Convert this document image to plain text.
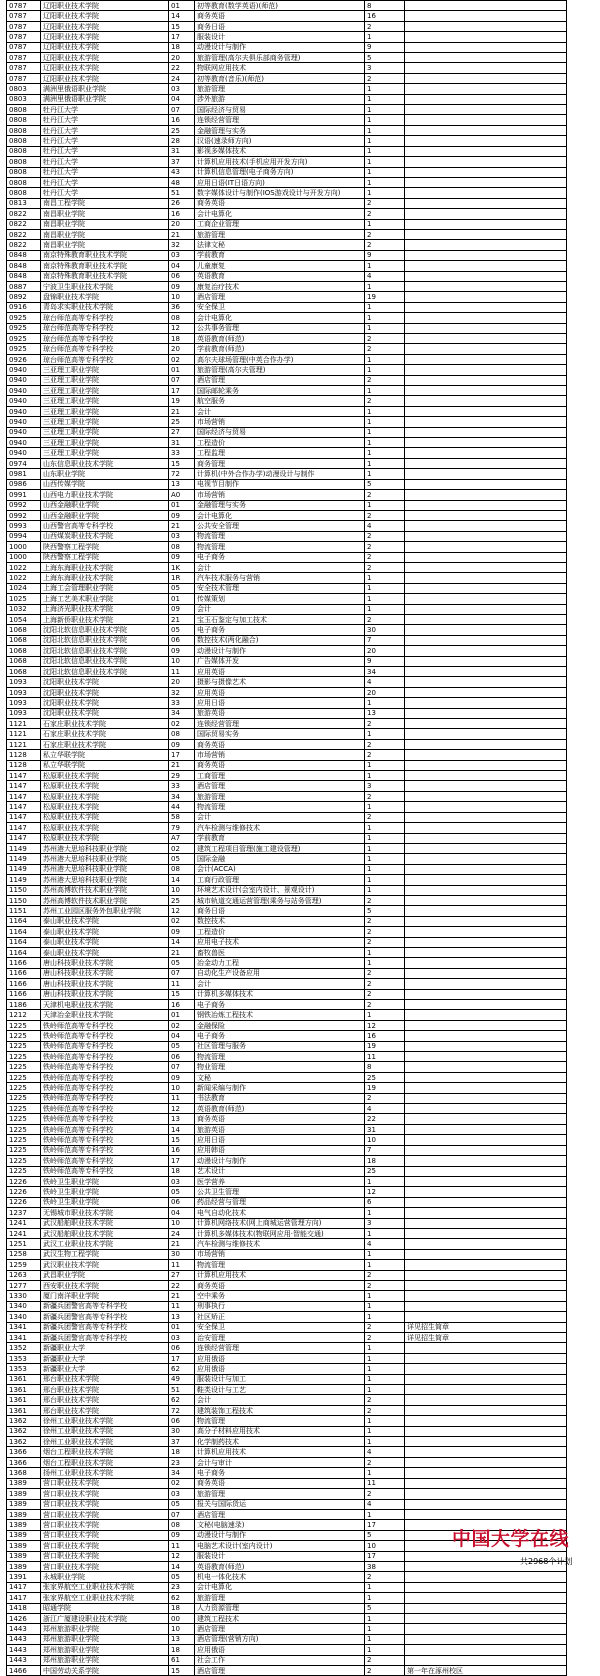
0787	辽阳职业技术学院	01	初等教育(数学英语)(师范)	8	
0787	辽阳职业技术学院	14	商务英语	16	
0787	辽阳职业技术学院	15	商务日语	2	
0787	辽阳职业技术学院	17	服装设计	1	
0787	辽阳职业技术学院	18	动漫设计与制作	9	
0787	辽阳职业技术学院	20	旅游管理(高尔夫俱乐部商务管理)	5	
0787	辽阳职业技术学院	22	物联网应用技术	3	
0787	辽阳职业技术学院	24	初等教育(音乐)(师范)	2	
0803	满洲里俄语职业学院	03	旅游管理	1	
0803	满洲里俄语职业学院	04	涉外旅游	1	
0808	牡丹江大学	07	国际经济与贸易	1	
0808	牡丹江大学	16	连锁经营管理	1	
0808	牡丹江大学	25	金融管理与实务	1	
0808	牡丹江大学	28	汉语(速录师方向)	1	
0808	牡丹江大学	31	影视多媒体技术	1	
0808	牡丹江大学	37	计算机应用技术(手机应用开发方向)	1	
0808	牡丹江大学	43	计算机信息管理(电子商务方向)	1	
0808	牡丹江大学	48	应用日语(IT日语方向)	1	
0808	牡丹江大学	51	数字媒体设计与制作(IOS游戏设计与开发方向)	1	
0813	南昌工程学院	26	商务英语	2	
0822	南昌职业学院	16	会计电算化	2	
0822	南昌职业学院	20	工商企业管理	1	
0822	南昌职业学院	21	旅游管理	2	
0822	南昌职业学院	32	法律文秘	2	
0848	南京特殊教育职业技术学院	03	学前教育	9	
0848	南京特殊教育职业技术学院	04	儿童康复	1	
0848	南京特殊教育职业技术学院	06	英语教育	4	
0887	宁波卫生职业技术学院	09	康复治疗技术	1	
0892	盘锦职业技术学院	10	酒店管理	19	
0916	青岛求实职业技术学院	36	安全保卫	1	
0925	琼台师范高等专科学校	08	会计电算化	1	
0925	琼台师范高等专科学校	12	公共事务管理	1	
0925	琼台师范高等专科学校	18	英语教育(师范)	2	
0925	琼台师范高等专科学校	20	学前教育(师范)	2	
0926	琼台师范高等专科学校	02	高尔夫球场管理(中英合作办学)	1	
0940	三亚理工职业学院	01	旅游管理(高尔夫管理)	1	
0940	三亚理工职业学院	07	酒店管理	2	
0940	三亚理工职业学院	17	国际邮轮乘务	1	
0940	三亚理工职业学院	19	航空服务	2	
0940	三亚理工职业学院	21	会计	1	
0940	三亚理工职业学院	25	市场营销	1	
0940	三亚理工职业学院	27	国际经济与贸易	1	
0940	三亚理工职业学院	31	工程造价	1	
0940	三亚理工职业学院	33	工程监理	1	
0974	山东信息职业技术学院	15	商务管理	1	
0981	山东职业学院	72	计算机(中外合作办学)动漫设计与制作	1	
0986	山西传媒学院	13	电视节目制作	5	
0991	山西电力职业技术学院	A0	市场营销	2	
0992	山西金融职业学院	01	金融管理与实务	1	
0992	山西金融职业学院	09	会计电算化	2	
0993	山西警官高等专科学校	21	公共安全管理	4	
0994	山西煤炭职业技术学院	03	物流管理	2	
1000	陕西警察工程学院	08	物流管理	2	
1000	陕西警察工程学院	09	电子商务	2	
1022	上海东海职业技术学院	1K	会计	2	
1022	上海东海职业技术学院	1R	汽车技术服务与营销	1	
1024	上海工会管理职业学院	05	安全技术管理	1	
1025	上海工艺美术职业学院	01	传媒策划	1	
1032	上海济光职业技术学院	09	会计	1	
1054	上海新侨职业技术学院	21	宝玉石鉴定与加工技术	2	
1068	沈阳北软信息职业技术学院	05	电子商务	30	
1068	沈阳北软信息职业技术学院	06	数控技术(两化融合)	7	
1068	沈阳北软信息职业技术学院	09	动漫设计与制作	20	
1068	沈阳北软信息职业技术学院	10	广告媒体开发	9	
1068	沈阳北软信息职业技术学院	11	应用英语	34	
1093	沈阳职业技术学院	20	摄影与摄像艺术	4	
1093	沈阳职业技术学院	32	应用英语	20	
1093	沈阳职业技术学院	33	应用日语	1	
1093	沈阳职业技术学院	34	旅游英语	13	
1121	石家庄职业技术学院	02	连锁经营管理	2	
1121	石家庄职业技术学院	08	国际贸易实务	1	
1121	石家庄职业技术学院	09	商务英语	2	
1128	私立华联学院	17	市场营销	2	
1128	私立华联学院	21	商务英语	1	
1147	松原职业技术学院	29	工商管理	1	
1147	松原职业技术学院	33	酒店管理	3	
1147	松原职业技术学院	34	旅游管理	2	
1147	松原职业技术学院	44	物流管理	1	
1147	松原职业技术学院	58	会计	2	
1147	松原职业技术学院	79	汽车检测与维修技术	1	
1147	松原职业技术学院	A7	学前教育	1	
1149	苏州港大思培科技职业学院	02	建筑工程项目管理(施工建设管理)	1	
1149	苏州港大思培科技职业学院	05	国际金融	1	
1149	苏州港大思培科技职业学院	08	会计(ACCA)	1	
1149	苏州港大思培科技职业学院	14	工商行政管理	1	
1150	苏州高博软件技术职业学院	10	环境艺术设计(会室内设计、景观设计)	1	
1150	苏州高博软件技术职业学院	25	城市轨道交通运营管理(乘务与站务管理)	2	
1151	苏州工业园区服务外包职业学院	12	商务日语	5	
1164	泰山职业技术学院	02	数控技术	2	
1164	泰山职业技术学院	09	工程造价	2	
1164	泰山职业技术学院	14	应用电子技术	2	
1164	泰山职业技术学院	21	畜牧兽医	1	
1166	唐山科技职业技术学院	05	冶金动力工程	1	
1166	唐山科技职业技术学院	07	自动化生产设备应用	2	
1166	唐山科技职业技术学院	11	会计	2	
1166	唐山科技职业技术学院	15	计算机多媒体技术	2	
1186	天津机电职业技术学院	16	电子商务	2	
1212	天津冶金职业技术学院	01	钢铁冶炼工程技术	1	
1225	铁岭师范高等专科学校	02	金融保险	12	
1225	铁岭师范高等专科学校	04	电子商务	16	
1225	铁岭师范高等专科学校	05	社区管理与服务	19	
1225	铁岭师范高等专科学校	06	物流管理	11	
1225	铁岭师范高等专科学校	07	物业管理	8	
1225	铁岭师范高等专科学校	09	文秘	25	
1225	铁岭师范高等专科学校	10	新闻采编与制作	19	
1225	铁岭师范高等专科学校	11	书法教育	2	
1225	铁岭师范高等专科学校	12	英语教育(师范)	4	
1225	铁岭师范高等专科学校	13	商务英语	22	
1225	铁岭师范高等专科学校	14	旅游英语	31	
1225	铁岭师范高等专科学校	15	应用日语	10	
1225	铁岭师范高等专科学校	16	应用韩语	7	
1225	铁岭师范高等专科学校	17	动漫设计与制作	18	
1225	铁岭师范高等专科学校	18	艺术设计	25	
1226	铁岭卫生职业学院	03	医学营养	1	
1226	铁岭卫生职业学院	05	公共卫生管理	12	
1226	铁岭卫生职业学院	06	药品经营与管理	6	
1237	无锡城市职业技术学院	04	电气自动化技术	1	
1241	武汉船舶职业技术学院	10	计算机网络技术(网上商城运营管理方向)	3	
1241	武汉船舶职业技术学院	24	计算机多媒体技术(物联网应用·智能交通)	1	
1251	武汉工业职业技术学院	21	汽车检测与维修技术	4	
1258	武汉生物工程学院	30	市场营销	1	
1259	武汉职业技术学院	11	物流管理	1	
1263	武昌职业学院	27	计算机应用技术	2	
1277	西安职业技术学院	22	商务英语	2	
1330	厦门南洋职业学院	21	空中乘务	1	
1340	新疆兵团警官高等专科学校	11	刑事执行	1	
1340	新疆兵团警官高等专科学校	13	社区矫正	1	
1341	新疆兵团警官高等专科学校	01	安全保卫	2	详见招生简章
1341	新疆兵团警官高等专科学校	03	治安管理	2	详见招生简章
1352	新疆职业大学	06	连锁经营管理	1	
1353	新疆职业大学	17	应用俄语	1	
1353	新疆职业大学	62	应用俄语	1	
1361	邢台职业技术学院	49	服装设计与加工	1	
1361	邢台职业技术学院	51	鞋类设计与工艺	1	
1361	邢台职业技术学院	62	会计	2	
1361	邢台职业技术学院	72	建筑装饰工程技术	2	
1362	徐州工业职业技术学院	06	物流管理	1	
1362	徐州工业职业技术学院	30	高分子材料应用技术	1	
1362	徐州工业职业技术学院	37	化学制药技术	1	
1366	烟台工程职业技术学院	18	计算机应用技术	4	
1366	烟台工程职业技术学院	23	会计与审计	2	
1368	扬州工业职业技术学院	34	电子商务	1	
1389	营口职业技术学院	02	商务英语	11	
1389	营口职业技术学院	03	旅游管理	2	
1389	营口职业技术学院	05	报关与国际货运	4	
1389	营口职业技术学院	07	酒店管理	1	
1389	营口职业技术学院	08	文秘(电脑速录)	17	
1389	营口职业技术学院	09	动漫设计与制作	5	
1389	营口职业技术学院	11	电脑艺术设计(室内设计)	10	
1389	营口职业技术学院	12	服装设计	17	
1389	营口职业技术学院	14	英语教育(师范)	38	
1391	永城职业学院	05	机电一体化技术	2	
1417	张家界航空工业职业技术学院	23	会计电算化	1	
1417	张家界航空工业职业技术学院	62	旅游管理	1	
1418	昭通学院	18	人力资源管理	5	
1426	浙江广厦建设职业技术学院	00	建筑工程技术	1	
1443	郑州旅游职业学院	10	酒店管理	1	
1443	郑州旅游职业学院	13	酒店管理(营销方向)	1	
1443	郑州旅游职业学院	18	应用俄语	1	
1443	郑州旅游职业学院	61	社会工作	2	
1466	中国劳动关系学院	15	酒店管理	2	第一年在涿州校区
中国大学在线
共2968个计划
